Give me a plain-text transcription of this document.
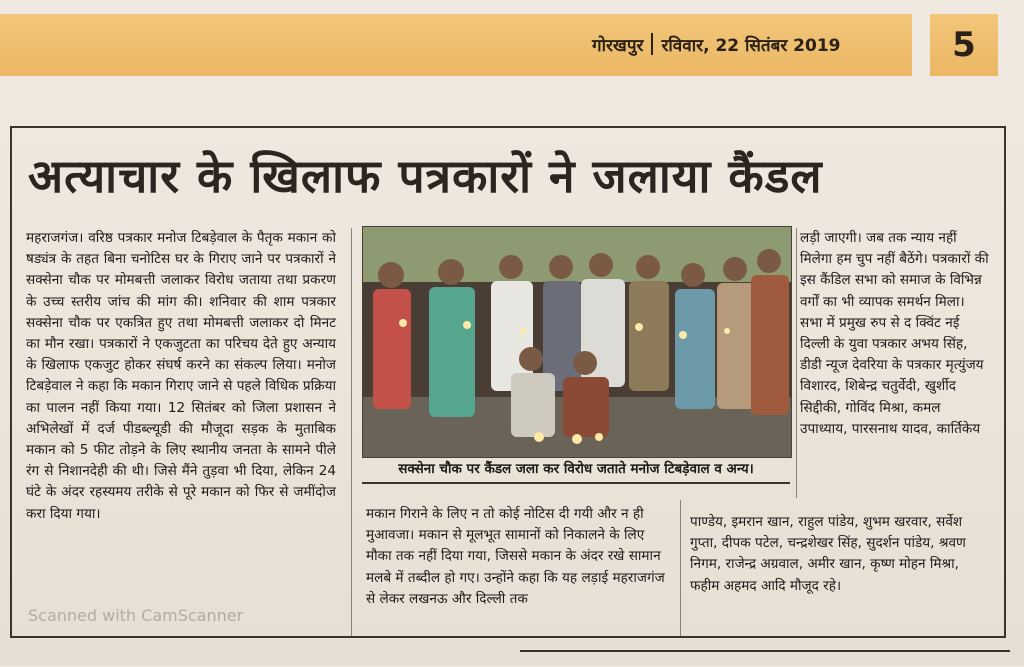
गोरखपुर रविवार, 22 सितंबर 2019	5
अत्याचार के खिलाफ पत्रकारों ने जलाया कैंडल
महराजगंज। वरिष्ठ पत्रकार मनोज टिबड़ेवाल के पैतृक मकान को षड्यंत्र के तहत बिना चनोटिस घर के गिराए जाने पर पत्रकारों ने सक्सेना चौक पर मोमबत्ती जलाकर विरोध जताया तथा प्रकरण के उच्च स्तरीय जांच की मांग की। शनिवार की शाम पत्रकार सक्सेना चौक पर एकत्रित हुए तथा मोमबत्ती जलाकर दो मिनट का मौन रखा। पत्रकारों ने एकजुटता का परिचय देते हुए अन्याय के खिलाफ एकजुट होकर संघर्ष करने का संकल्प लिया। मनोज टिबड़ेवाल ने कहा कि मकान गिराए जाने से पहले विधिक प्रक्रिया का पालन नहीं किया गया। 12 सितंबर को जिला प्रशासन ने अभिलेखों में दर्ज पीडब्ल्यूडी की मौजूदा सड़क के मुताबिक मकान को 5 फीट तोड़ने के लिए स्थानीय जनता के सामने पीले रंग से निशानदेही की थी। जिसे मैंने तुड़वा भी दिया, लेकिन 24 घंटे के अंदर रहस्यमय तरीके से पूरे मकान को फिर से जमींदोज करा दिया गया।
सक्सेना चौक पर कैंडल जला कर विरोध जताते मनोज टिबड़ेवाल व अन्य।
लड़ी जाएगी। जब तक न्याय नहीं मिलेगा हम चुप नहीं बैठेंगे। पत्रकारों की इस कैंडिल सभा को समाज के विभिन्न वर्गों का भी व्यापक समर्थन मिला। सभा में प्रमुख रुप से द क्विंट नई दिल्ली के युवा पत्रकार अभय सिंह, डीडी न्यूज देवरिया के पत्रकार मृत्युंजय विशारद, शिबेन्द्र चतुर्वेदी, खुर्शीद सिद्दीकी, गोविंद मिश्रा, कमल उपाध्याय, पारसनाथ यादव, कार्तिकेय
मकान गिराने के लिए न तो कोई नोटिस दी गयी और न ही मुआवजा। मकान से मूलभूत सामानों को निकालने के लिए मौका तक नहीं दिया गया, जिससे मकान के अंदर रखे सामान मलबे में तब्दील हो गए। उन्होंने कहा कि यह लड़ाई महराजगंज से लेकर लखनऊ और दिल्ली तक
पाण्डेय, इमरान खान, राहुल पांडेय, शुभम खरवार, सर्वेश गुप्ता, दीपक पटेल, चन्द्रशेखर सिंह, सुदर्शन पांडेय, श्रवण निगम, राजेन्द्र अग्रवाल, अमीर खान, कृष्ण मोहन मिश्रा, फहीम अहमद आदि मौजूद रहे।
Scanned with CamScanner
